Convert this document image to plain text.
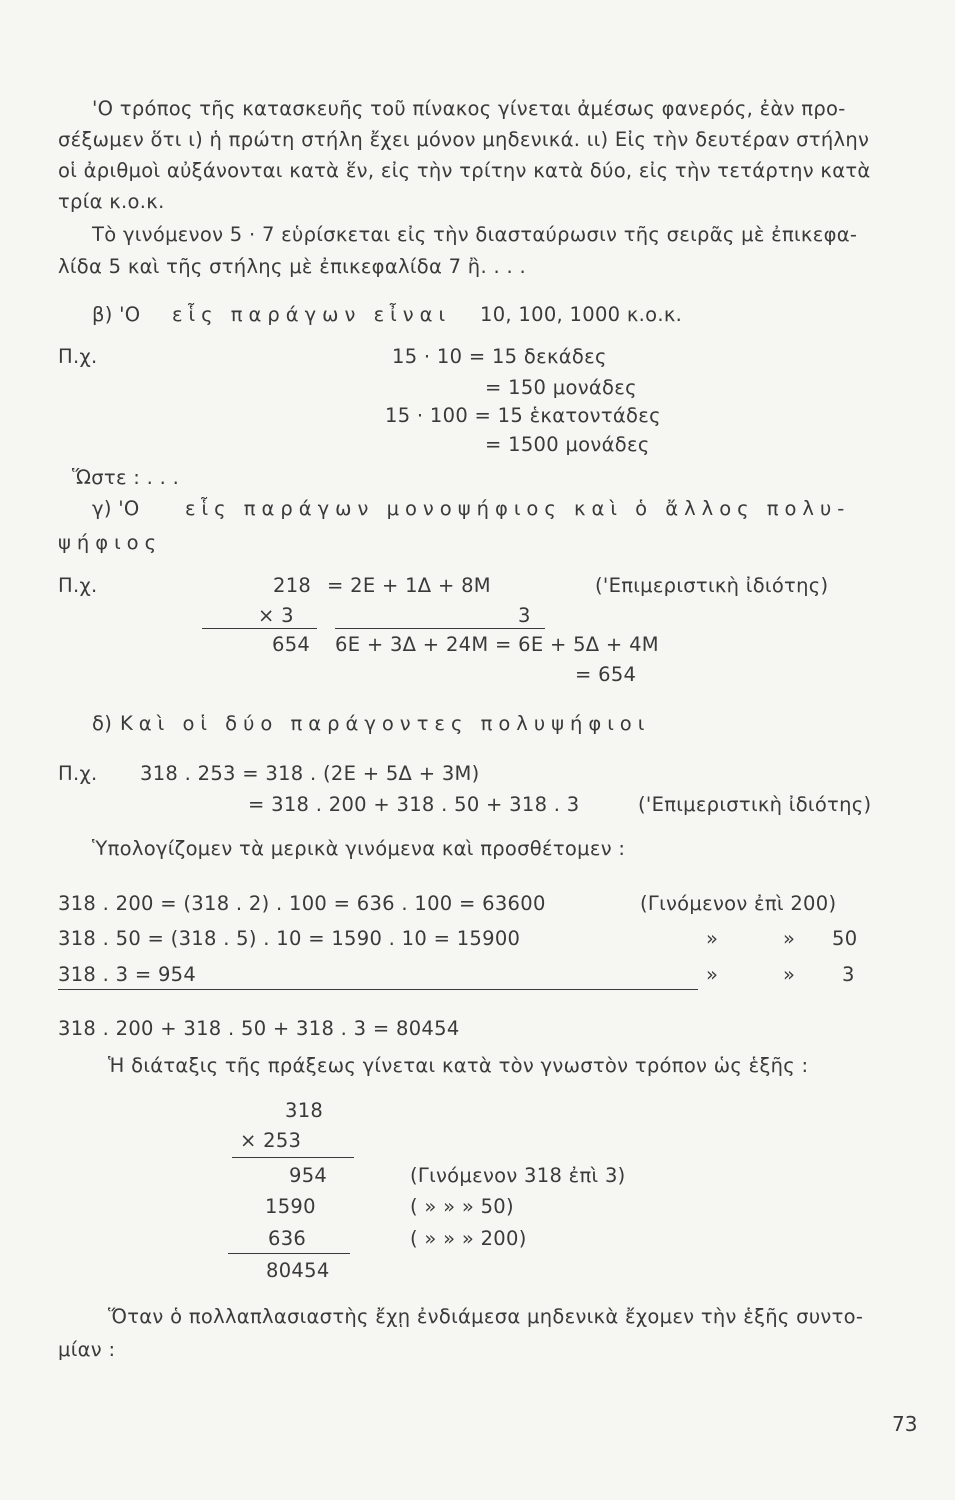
'Ο τρόπος τῆς κατασκευῆς τοῦ πίνακος γίνεται ἀμέσως φανερός, ἐὰν προ-
σέξωμεν ὅτι ι) ἡ πρώτη στήλη ἔχει μόνον μηδενικά. ιι) Εἰς τὴν δευτέραν στήλην
οἱ ἀριθμοὶ αὐξάνονται κατὰ ἕν, εἰς τὴν τρίτην κατὰ δύο, εἰς τὴν τετάρτην κατὰ
τρία κ.ο.κ.
Τὸ γινόμενον 5 · 7 εὑρίσκεται εἰς τὴν διασταύρωσιν τῆς σειρᾶς μὲ ἐπικεφα-
λίδα 5 καὶ τῆς στήλης μὲ ἐπικεφαλίδα 7 ἢ. . . .
β) 'Ο εἷς παράγων εἶναι 10, 100, 1000 κ.ο.κ.
Π.χ.	15 · 10 = 15 δεκάδες
= 150 μονάδες
15 · 100 = 15 ἑκατοντάδες
= 1500 μονάδες
Ὥστε : . . .
γ) 'Ο εἷς παράγων μονοψήφιος καὶ ὁ ἄλλος πολυ-
ψήφιος
Π.χ.	218 = 2Ε + 1Δ + 8Μ	('Επιμεριστικὴ ἰδιότης)
× 3	3
654 6Ε + 3Δ + 24Μ = 6Ε + 5Δ + 4Μ
= 654
δ) Καὶ οἱ δύο παράγοντες πολυψήφιοι
Π.χ. 318 . 253 = 318 . (2Ε + 5Δ + 3Μ)
= 318 . 200 + 318 . 50 + 318 . 3	('Επιμεριστικὴ ἰδιότης)
Ὑπολογίζομεν τὰ μερικὰ γινόμενα καὶ προσθέτομεν :
318 . 200 = (318 . 2) . 100 = 636 . 100 = 63600	(Γινόμενον ἐπὶ 200)
318 . 50 = (318 . 5) . 10 = 1590 . 10 = 15900	»	» 50
318 . 3 = 954	»	» 3
318 . 200 + 318 . 50 + 318 . 3 = 80454
Ἡ διάταξις τῆς πράξεως γίνεται κατὰ τὸν γνωστὸν τρόπον ὡς ἑξῆς :
318
× 253
954	(Γινόμενον 318 ἐπὶ 3)
1590	( » » » 50)
636	( » » » 200)
80454
Ὅταν ὁ πολλαπλασιαστὴς ἔχῃ ἐνδιάμεσα μηδενικὰ ἔχομεν τὴν ἑξῆς συντο-
μίαν :
73
